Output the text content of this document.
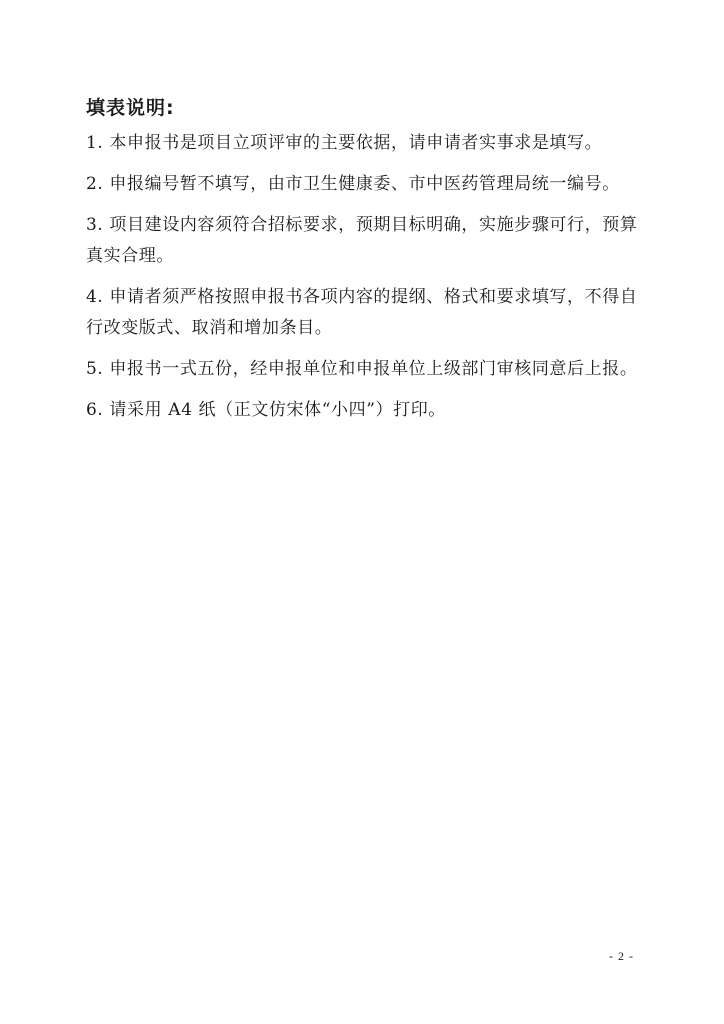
填表说明:
1. 本申报书是项目立项评审的主要依据，请申请者实事求是填写。
2. 申报编号暂不填写，由市卫生健康委、市中医药管理局统一编号。
3. 项目建设内容须符合招标要求，预期目标明确，实施步骤可行，预算真实合理。
4. 申请者须严格按照申报书各项内容的提纲、格式和要求填写，不得自行改变版式、取消和增加条目。
5. 申报书一式五份，经申报单位和申报单位上级部门审核同意后上报。
6. 请采用 A4 纸（正文仿宋体“小四”）打印。
- 2 -
